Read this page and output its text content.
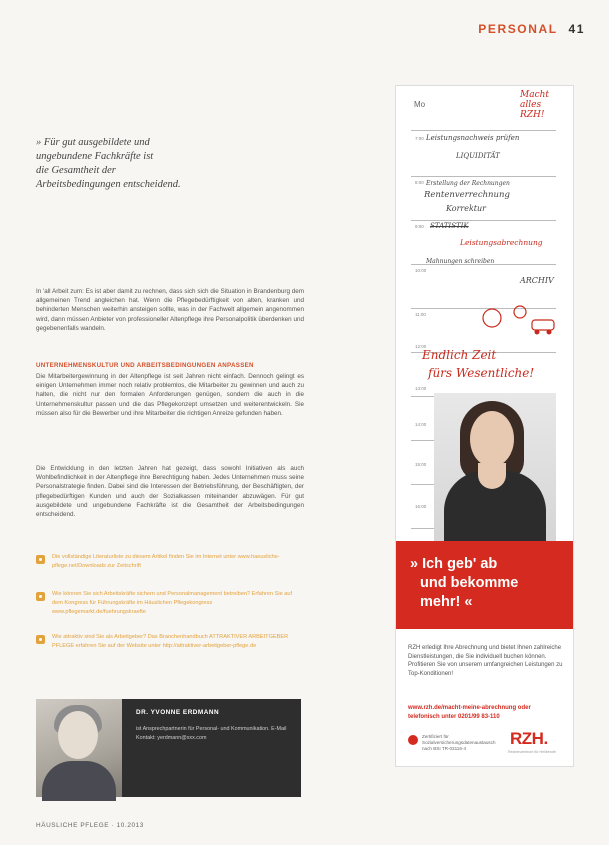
PERSONAL 41
» Für gut ausgebildete und
ungebundene Fachkräfte ist
die Gesamtheit der
Arbeitsbedingungen entscheidend.
In 'all Arbeit zum: Es ist aber damit zu rechnen, dass sich sich die Situation in Brandenburg dem allgemeinen Trend angleichen hat. Wenn die Pflegebedürftigkeit von alten, kranken und behinderten Menschen weiterhin ansteigen sollte, was in der Fachwelt allgemein angenommen wird, dann müssen Anbieter von professioneller Altenpflege ihre Personalpolitik überdenken und gegebenenfalls wandeln.
UNTERNEHMENSKULTUR UND ARBEITSBEDINGUNGEN ANPASSEN
Die Mitarbeitergewinnung in der Altenpflege ist seit Jahren nicht einfach. Dennoch gelingt es einigen Unternehmen immer noch relativ problemlos, die Mitarbeiter zu gewinnen und auch zu halten, die nicht nur den formalen Anforderungen genügen, sondern die auch in die Unternehmenskultur passen und die das Pflegekonzept umsetzen und weiterentwickeln. Sie müssen also für die Bewerber und ihre Mitarbeiter die richtigen Anreize gefunden haben.
Die Entwicklung in den letzten Jahren hat gezeigt, dass sowohl Initiativen als auch Wohlbefindlichkeit in der Altenpflege ihre Berechtigung haben. Jedes Unternehmen muss seine Personalstrategie finden. Dabei sind die Interessen der Betriebsführung, der Beschäftigten, der pflegebedürftigen Kunden und auch der Sozialkassen miteinander abzuwägen. Für gut ausgebildete und ungebundene Fachkräfte ist die Gesamtheit der Arbeitsbedingungen entscheidend.
Die vollständige Literaturliste zu diesem Artikel finden Sie im Internet unter www.haeusliche-pflege.net/Downloads zur Zeitschrift
Wie können Sie sich Arbeitskräfte sichern und Personalmanagement betreiben? Erfahren Sie auf dem Kongress für Führungskräfte im Häuslichen Pflegekongress www.pflegemarkt.de/fuehrungskraefte
Wie attraktiv sind Sie als Arbeitgeber? Das Branchenhandbuch ATTRAKTIVER ARBEITGEBER PFLEGE erfahren Sie auf der Website unter http://attraktiver-arbeitgeber-pflege.de
DR. YVONNE ERDMANN
ist Ansprechpartnerin für Personal- und Kommunikation. E-Mail Kontakt: yerdmann@xxx.com
HÄUSLICHE PFLEGE · 10.2013
Mo
7:00
8:00
9:00
10:00
11:00
12:00
13:00
14:00
15:00
16:00
Macht alles RZH!
Leistungsnachweis prüfen
LIQUIDITÄT
Erstellung der Rechnungen
Rentenverrechnung
Korrektur
STATISTIK
Leistungsabrechnung
Mahnungen schreiben
ARCHIV
Endlich Zeit
fürs Wesentliche!
» Ich geb' ab
und bekomme
mehr! «
RZH erledigt Ihre Abrechnung und bietet Ihnen zahlreiche Dienstleistungen, die Sie individuell buchen können. Profitieren Sie von unserem umfangreichen Leistungen zu Top-Konditionen!
www.rzh.de/macht-meine-abrechnung oder telefonisch unter 0201/99 83-110
Zertifiziert für Sozialversicherungsdatenaustausch nach BSI TR-03116-4
RZH.
Rechenzentrum für Heilberufe
